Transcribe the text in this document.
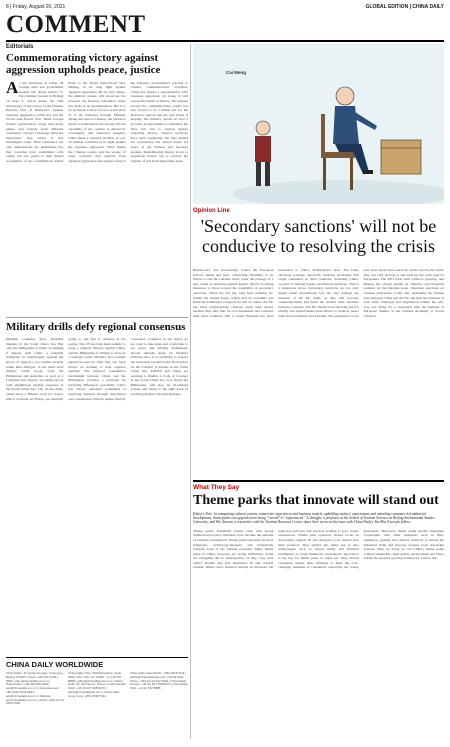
8 | Friday, August 20, 2021	GLOBAL EDITION | CHINA DAILY
COMMENT
Editorials
Commemorating victory against aggression upholds peace, justice
As the invitation of China, 28 foreign state and government leaders will attend China's V-Day military parade in Beijing on Sept 3, which marks the 70th anniversary of the victory of the Chinese People's War of Resistance Against Japanese Aggression (1931-45) and the World Anti-Fascist War. These foreign leaders' participation, along with many guests and friends from different continents, conveys a message about the importance they attach to this meaningful event. Their attendance not only demonstrates the unshakable ties that countries have established with China, but also points to their shared recognition of the contributions China made to the World Anti-Fascist War. Beijing, in its long fight against Japanese aggression. By its very nature, the military parade will showcase the progress the People's Liberation Army has made in its modernization. But it is by no means a show of force as the ideas of it. As Assistant Foreign Minister Zhang Jun said on Tuesday, the parade is meant to demonstrate the strong will and capability of the country to defend its sovereignty and territorial integrity. China made a national sacrifice of over 35 million casualties in its fight against the Japanese aggressors. What makes the Chinese people and the people of other countries that suffered from Japanese aggression feel uneasy today is the Japanese government's reaction to China's commemorative activities. China has helped a representative with Japanese aggression all along. It will expose the denial of history. The attitude toward the commemorative events has also proved to be a litmus test for the historical outlook and the role China is playing. The military parade on Sept 3 provides an opportunity to remember the lives lost and to caution against forgetting history. Tokyo's reactions have been regrettable, but they should not overshadow the shared desire for peace of the Chinese and Japanese peoples. Remembering history is not to perpetuate hatred, but to prevent the tragedy of war from happening again.
Military drills defy regional consensus
Multiple countries have maritime disputes in the South China Sea. But only the Philippines is intent on making it dispute with China a potential flashpoint by intentionally seeking the shows of support a pro-regime security rather than dialogue. In the latest such display, 3,000 troops from the Philippines and Australia, as well as a Canadian navy frigate, are taking part in joint amphibious landing exercises in the South China Sea. The 12-day drills, called Alon, a Filipino word for waves, which conclude on Friday, are naturally going to add fuel to tensions in the region. The US has long been seeking to forge a regional alliance against China, and the Philippines is willing to serve as a strategic pawn. Manila's provocations should be seen for what they are. Such moves do nothing to help regional stability. The bilateral consultation mechanism between China and the Philippines provides a platform for resolving differences peacefully. China has always remained committed to resolving disputes through negotiation and consultation with the parties directly concerned. Countries in the region do not want to take sides and would like to see peace and stability maintained. Recent remarks made by Manila's officials show it is unwilling to respect the consensus reached in the Declaration on the Conduct of Parties in the South China Sea. ASEAN and China are working to finalize a Code of Conduct in the South China Sea. It is hoped the Philippines will stop its ill-advised actions and return to the right track of resolving disputes through dialogue.
CHINA DAILY WORLDWIDE
China Daily | 15 Huixin Dongjie, Chaoyang, Beijing 100029 | News: +86 (0)10 6491 8366; editor@chinadaily.com.cn | Subscription: +86 400 699 0203; sub@chinadaily.com.cn | Advertisement: +86 (0)10 6491 8631; ads@chinadaily.com.cn | Website: www.chinadaily.com.cn | Africa: +254 (0) 20 5200 7000
China Daily USA: 1500 Broadway, Suite 2800, New York, NY 10036 | +1 212 537 8888 | editor@chinadailyusa.com | China Daily UK: 90 Cannon Street, London EC4N 6HA | +44 (0) 207 398 8270 | editor@chinadailyuk.com | China Daily Hong Kong: +852 2518 5111
China Daily Asia Pacific: +852 2518 5111 | editor@chinadailyasia.com | China Daily Africa: +254 (0) 20 522 5500 | China Daily Europe: +44 (0) 207 398 8270 | China Daily USA: +1 212 537 8888
Cai Meng
Opinion Line
'Secondary sanctions' will not be conducive to resolving the crisis
Bureaucracy has increasingly bound the European Union's hands and tries, connecting flexibility to its efforts to end the Ukraine crisis. After the passage of a new round of sanctions against Russia, the EU is taking measures to move toward the possibility of secondary sanctions, which the US has long been pushing for. Unlike the United States, which uses its economic and financial dominance to impose its will on others, the EU has been comparatively cautious about such moves because they may hurt its own businesses and relations with third countries. But it seems Brussels has been persuaded to follow Washington's lead. The latest sanctions package reportedly includes provisions that target companies in third countries, including China, accused of helping Russia circumvent sanctions. This is a dangerous move. Secondary sanctions are not only illegal under international law but also damage the interests of the EU itself, as they will provoke countermeasures and harm the normal trade relations between countries. The EU should stop following the US blindly and instead make more efforts to promote peace talks between Russia and Ukraine. The experience of the past years shows that sanctions cannot resolve the crisis; they can only prolong it and push up the costs paid by Europeans. The EU's trade with China is growing, and Beijing has always upheld an objective and impartial position on the Ukraine issue. Imposing sanctions on Chinese enterprises would only undermine the mutual trust between China and the EU and hurt the interests of both sides. Dialogue and negotiation remain the only way out. Wang Xi, a researcher with the Institute of European Studies at the Chinese Academy of Social Sciences.
What They Say
Theme parks that innovate will stand out
Editor's Note: In comparing cultural content, immersive experiences and business models, upholding visitors' expectations and attending consumer-led industrial development, theme parks can upgrade from being "viewed" to "experienced." Li Zongfei, a professor at the School of Tourism Sciences at Beijing International Studies University, and Wei Xiaoan, a researcher with the Tourism Research Center, share their views on the issue with China Daily's Yao Bin. Excerpts follow:
Theme parks, essentially leisure sites with strong intellectual property attributes, have become the epitome of tourism consumption. Theme parks represent the most integrated, technology-intensive and industrially complex form of the tourism economy. Many theme parks in China, however, are facing difficulties. Some are struggling due to homogeneity, as they copy each other's models and lack distinctive IP and cultural content. Others have invested heavily in hardware but neglected software and services, leading to poor visitor experiences. Theme park operators should focus on developing original IP and integrate local culture into their products. They should also make use of new technologies such as virtual reality and artificial intelligence to create immersive experiences. Innovation is the key for theme parks to stand out. They should constantly update their offerings to meet the ever-changing demands of consumers, especially the young generation. Moreover, theme parks should strengthen cooperation with other industries such as film, animation, gaming and cultural creativity to extend the industrial chain and increase revenue from non-ticket sources. Only by doing so can China's theme parks achieve sustainable, high-quality development and better satisfy the people's growing demand for a better life.
